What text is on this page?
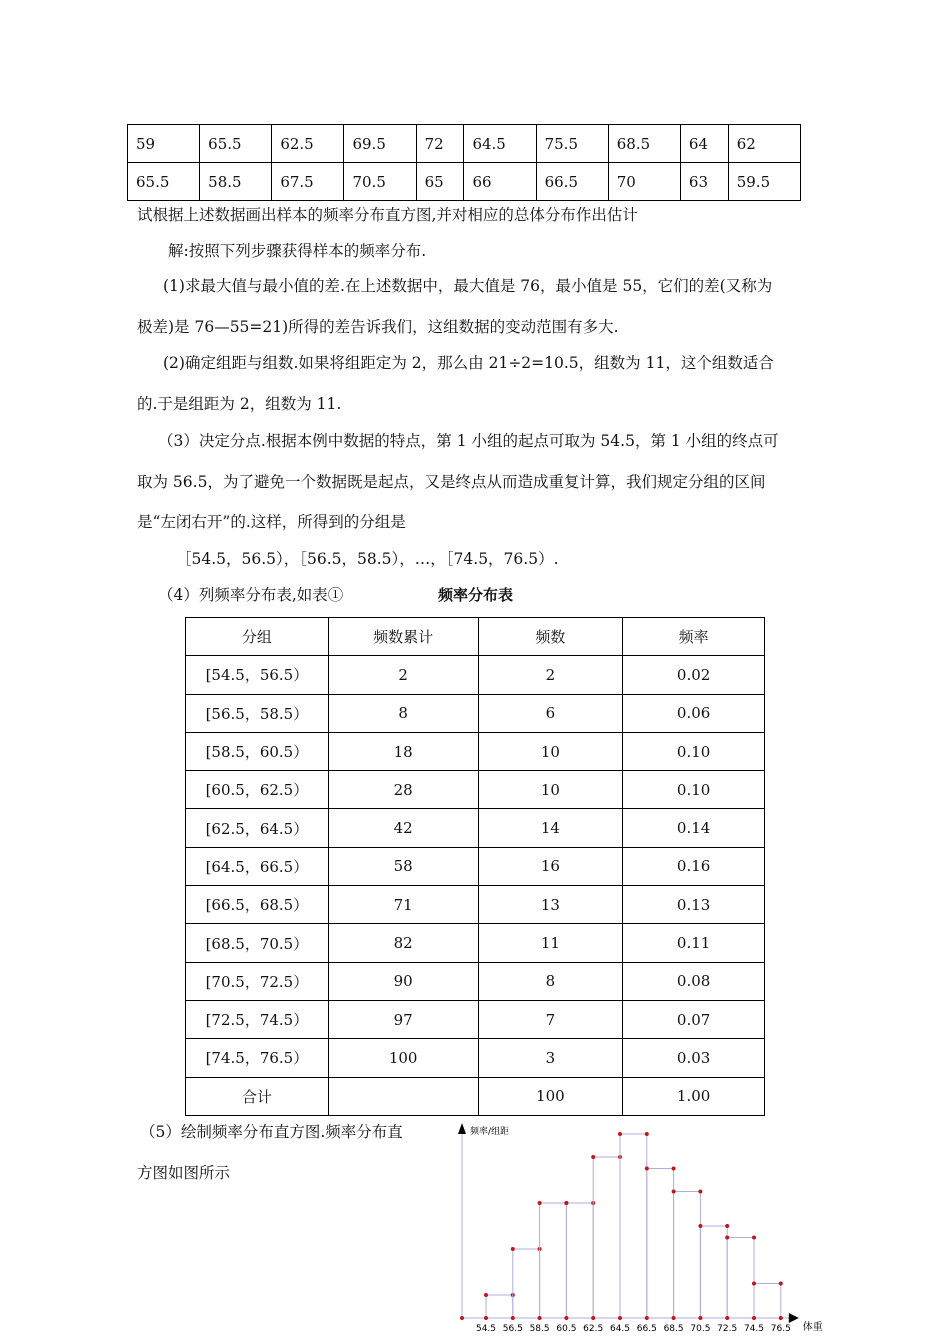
59	65.5	62.5	69.5	72	64.5	75.5	68.5	64	62
65.5	58.5	67.5	70.5	65	66	66.5	70	63	59.5
试根据上述数据画出样本的频率分布直方图,并对相应的总体分布作出估计
解:按照下列步骤获得样本的频率分布.
(1)求最大值与最小值的差.在上述数据中，最大值是 76，最小值是 55，它们的差(又称为
极差)是 76—55=21)所得的差告诉我们，这组数据的变动范围有多大.
(2)确定组距与组数.如果将组距定为 2，那么由 21÷2=10.5，组数为 11，这个组数适合
的.于是组距为 2，组数为 11.
（3）决定分点.根据本例中数据的特点，第 1 小组的起点可取为 54.5，第 1 小组的终点可
取为 56.5，为了避免一个数据既是起点，又是终点从而造成重复计算，我们规定分组的区间
是“左闭右开”的.这样，所得到的分组是
［54.5，56.5），［56.5，58.5），…，［74.5，76.5）.
（4）列频率分布表,如表①	频率分布表
分组	频数累计	频数	频率
[54.5，56.5）	2	2	0.02
[56.5，58.5）	8	6	0.06
[58.5，60.5）	18	10	0.10
[60.5，62.5）	28	10	0.10
[62.5，64.5）	42	14	0.14
[64.5，66.5）	58	16	0.16
[66.5，68.5）	71	13	0.13
[68.5，70.5）	82	11	0.11
[70.5，72.5）	90	8	0.08
[72.5，74.5）	97	7	0.07
[74.5，76.5）	100	3	0.03
合计		100	1.00
（5）绘制频率分布直方图.频率分布直
方图如图所示
频率/组距
体重
54.5 56.5 58.5 60.5 62.5 64.5 66.5 68.5 70.5 72.5 74.5 76.5
